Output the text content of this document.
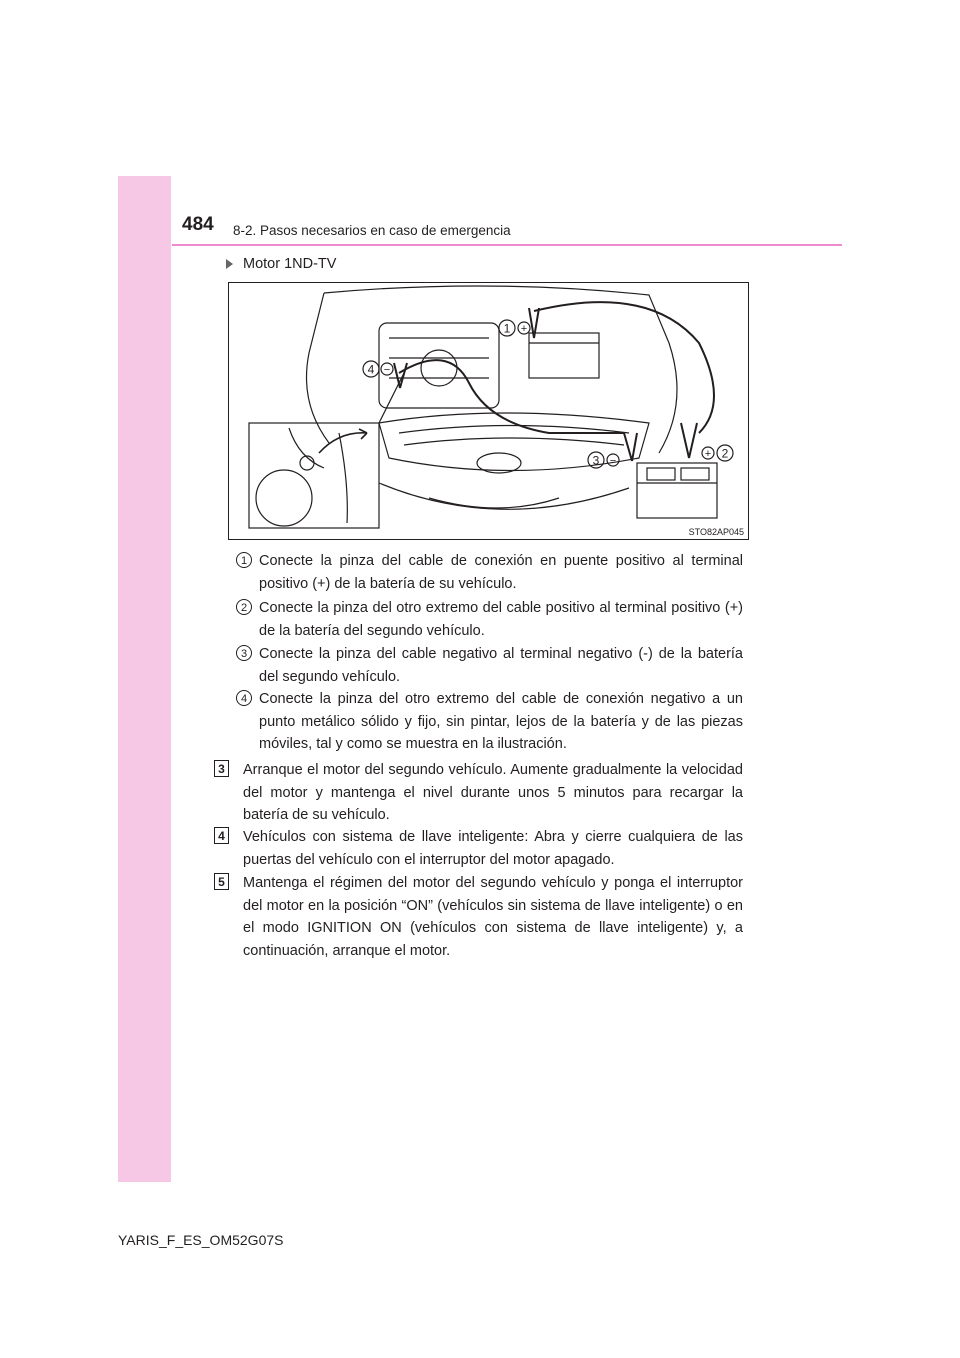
484 8-2. Pasos necesarios en caso de emergencia
Motor 1ND-TV
1
2
3
4
+
+
−
−
STO82AP045
1 Conecte la pinza del cable de conexión en puente positivo al terminal positivo (+) de la batería de su vehículo.
2 Conecte la pinza del otro extremo del cable positivo al terminal positivo (+) de la batería del segundo vehículo.
3 Conecte la pinza del cable negativo al terminal negativo (-) de la batería del segundo vehículo.
4 Conecte la pinza del otro extremo del cable de conexión negativo a un punto metálico sólido y fijo, sin pintar, lejos de la batería y de las piezas móviles, tal y como se muestra en la ilustración.
3 Arranque el motor del segundo vehículo. Aumente gradualmente la velocidad del motor y mantenga el nivel durante unos 5 minutos para recargar la batería de su vehículo.
4 Vehículos con sistema de llave inteligente: Abra y cierre cualquiera de las puertas del vehículo con el interruptor del motor apagado.
5 Mantenga el régimen del motor del segundo vehículo y ponga el interruptor del motor en la posición “ON” (vehículos sin sistema de llave inteligente) o en el modo IGNITION ON (vehículos con sistema de llave inteligente) y, a continuación, arranque el motor.
YARIS_F_ES_OM52G07S
